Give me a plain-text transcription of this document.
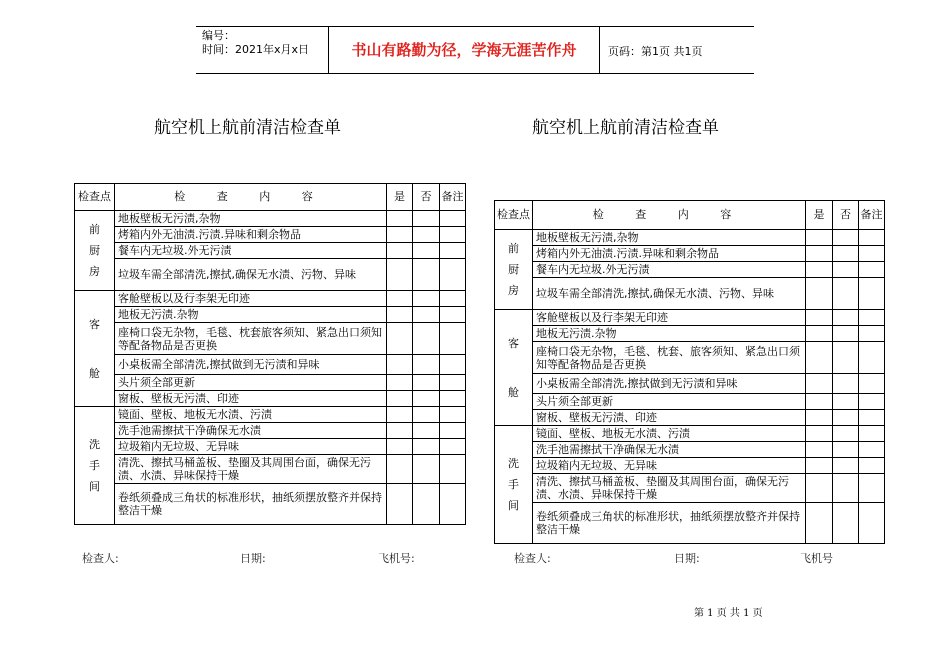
编号：
时间：2021年x月x日	书山有路勤为径，学海无涯苦作舟	页码：第1页 共1页
航空机上航前清洁检查单	航空机上航前清洁检查单
检查点	检 查 内 容	是	否	备注

前
厨
房	地板壁板无污渍,杂物			
	烤箱内外无油渍.污渍.异味和剩余物品			
	餐车内无垃圾.外无污渍			
	垃圾车需全部清洗,擦拭,确保无水渍、污物、异味			

客
舱	客舱壁板以及行李架无印迹			
	地板无污渍.杂物			
	座椅口袋无杂物，毛毯、枕套旅客须知、紧急出口须知等配备物品是否更换			
	小桌板需全部清洗,擦拭做到无污渍和异味			
	头片须全部更新			
	窗板、壁板无污渍、印迹			

洗
手
间	镜面、壁板、地板无水渍、污渍			
	洗手池需擦拭干净确保无水渍			
	垃圾箱内无垃圾、无异味			
	清洗、擦拭马桶盖板、垫圈及其周围台面，确保无污渍、水渍、异味保持干燥			
	卷纸须叠成三角状的标准形状，抽纸须摆放整齐并保持整洁干燥			
检查点	检 查 内 容	是	否	备注

前
厨
房	地板壁板无污渍,杂物			
	烤箱内外无油渍.污渍.异味和剩余物品			
	餐车内无垃圾.外无污渍			
	垃圾车需全部清洗,擦拭,确保无水渍、污物、异味			

客
舱	客舱壁板以及行李架无印迹			
	地板无污渍.杂物			
	座椅口袋无杂物，毛毯、枕套、旅客须知、紧急出口须知等配备物品是否更换			
	小桌板需全部清洗,擦拭做到无污渍和异味			
	头片须全部更新			
	窗板、壁板无污渍、印迹			

洗
手
间	镜面、壁板、地板无水渍、污渍			
	洗手池需擦拭干净确保无水渍			
	垃圾箱内无垃圾、无异味			
	清洗、擦拭马桶盖板、垫圈及其周围台面，确保无污渍、水渍、异味保持干燥			
	卷纸须叠成三角状的标准形状，抽纸须摆放整齐并保持整洁干燥			
检查人:	日期:	飞机号:	检查人:	日期:	飞机号
第 1 页 共 1 页
